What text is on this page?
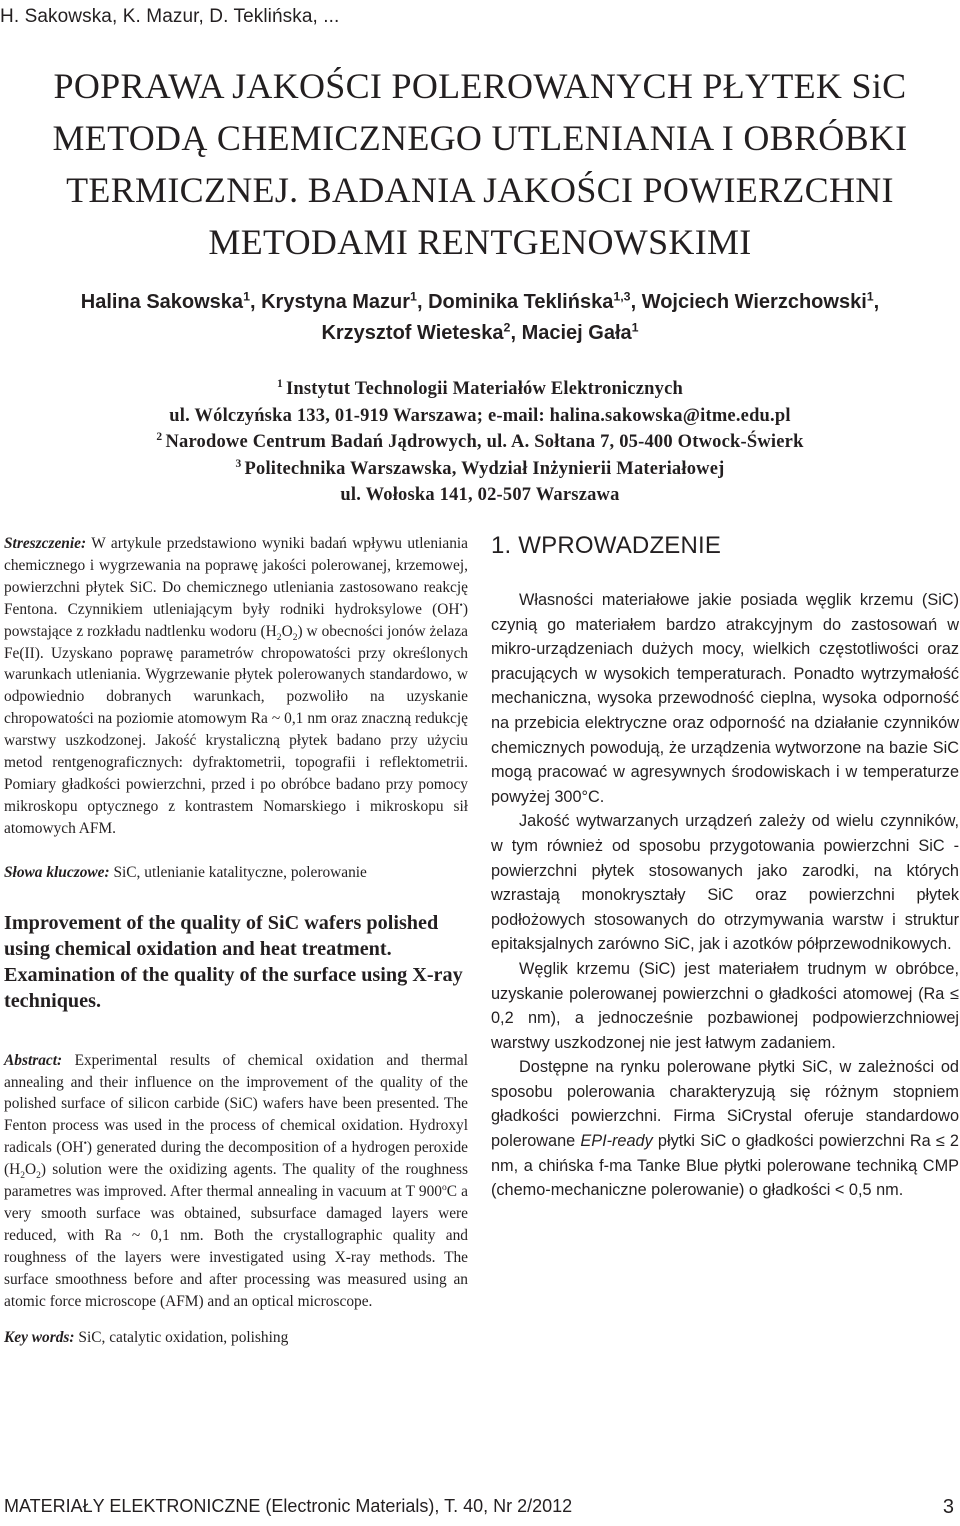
H. Sakowska, K. Mazur, D. Teklińska, ...
POPRAWA JAKOŚCI POLEROWANYCH PŁYTEK SiC
METODĄ CHEMICZNEGO UTLENIANIA I OBRÓBKI
TERMICZNEJ. BADANIA JAKOŚCI POWIERZCHNI
METODAMI RENTGENOWSKIMI
Halina Sakowska$^1$, Krystyna Mazur$^1$, Dominika Teklińska$^{1,3}$, Wojciech Wierzchowski$^1$,
Krzysztof Wieteska$^2$, Maciej Gała$^1$
$^1$ Instytut Technologii Materiałów Elektronicznych
ul. Wólczyńska 133, 01-919 Warszawa; e-mail: halina.sakowska@itme.edu.pl
$^2$ Narodowe Centrum Badań Jądrowych, ul. A. Sołtana 7, 05-400 Otwock-Świerk
$^3$ Politechnika Warszawska, Wydział Inżynierii Materiałowej
ul. Wołoska 141, 02-507 Warszawa

Streszczenie: W artykule przedstawiono wyniki badań wpływu utleniania chemicznego i wygrzewania na poprawę jakości polerowanej, krzemowej, powierzchni płytek SiC. Do chemicznego utleniania zastosowano reakcję Fentona. Czynnikiem utleniającym były rodniki hydroksylowe (OH•) powstające z rozkładu nadtlenku wodoru $(H_2O_2)$ w obecności jonów żelaza Fe(II). Uzyskano poprawę parametrów chropowatości przy określonych warunkach utleniania. Wygrzewanie płytek polerowanych standardowo, w odpowiednio dobranych warunkach, pozwoliło na uzyskanie chropowatości na poziomie atomowym Ra ~ 0,1 nm oraz znaczną redukcję warstwy uszkodzonej. Jakość krystaliczną płytek badano przy użyciu metod rentgenograficznych: dyfraktometrii, topografii i reflektometrii. Pomiary gładkości powierzchni, przed i po obróbce badano przy pomocy mikroskopu optycznego z kontrastem Nomarskiego i mikroskopu sił atomowych AFM.

Słowa kluczowe: SiC, utlenianie katalityczne, polerowanie

Improvement of the quality of SiC wafers polished using chemical oxidation and heat treatment. Examination of the quality of the surface using X-ray techniques.

Abstract: Experimental results of chemical oxidation and thermal annealing and their influence on the improvement of the quality of the polished surface of silicon carbide (SiC) wafers have been presented. The Fenton process was used in the process of chemical oxidation. Hydroxyl radicals (OH•) generated during the decomposition of a hydrogen peroxide $(H_2O_2)$ solution were the oxidizing agents. The quality of the roughness parametres was improved. After thermal annealing in vacuum at T 900$^o$C a very smooth surface was obtained, subsurface damaged layers were reduced, with Ra ~ 0,1 nm. Both the crystallographic quality and roughness of the layers were investigated using X-ray methods. The surface smoothness before and after processing was measured using an atomic force microscope (AFM) and an optical microscope.

Key words: SiC, catalytic oxidation, polishing

1. WPROWADZENIE

Własności materiałowe jakie posiada węglik krzemu (SiC) czynią go materiałem bardzo atrakcyjnym do zastosowań w mikro-urządzeniach dużych mocy, wielkich częstotliwości oraz pracujących w wysokich temperaturach. Ponadto wytrzymałość mechaniczna, wysoka przewodność cieplna, wysoka odporność na przebicia elektryczne oraz odporność na działanie czynników chemicznych powodują, że urządzenia wytworzone na bazie SiC mogą pracować w agresywnych środowiskach i w temperaturze powyżej 300°C.

Jakość wytwarzanych urządzeń zależy od wielu czynników, w tym również od sposobu przygotowania powierzchni SiC - powierzchni płytek stosowanych jako zarodki, na których wzrastają monokryształy SiC oraz powierzchni płytek podłożowych stosowanych do otrzymywania warstw i struktur epitaksjalnych zarówno SiC, jak i azotków półprzewodnikowych.

Węglik krzemu (SiC) jest materiałem trudnym w obróbce, uzyskanie polerowanej powierzchni o gładkości atomowej (Ra ≤ 0,2 nm), a jednocześnie pozbawionej podpowierzchniowej warstwy uszkodzonej nie jest łatwym zadaniem.

Dostępne na rynku polerowane płytki SiC, w zależności od sposobu polerowania charakteryzują się różnym stopniem gładkości powierzchni. Firma SiCrystal oferuje standardowo polerowane EPI-ready płytki SiC o gładkości powierzchni Ra ≤ 2 nm, a chińska f-ma Tanke Blue płytki polerowane techniką CMP (chemo-mechaniczne polerowanie) o gładkości < 0,5 nm.

MATERIAŁY ELEKTRONICZNE (Electronic Materials), T. 40, Nr 2/2012	3
